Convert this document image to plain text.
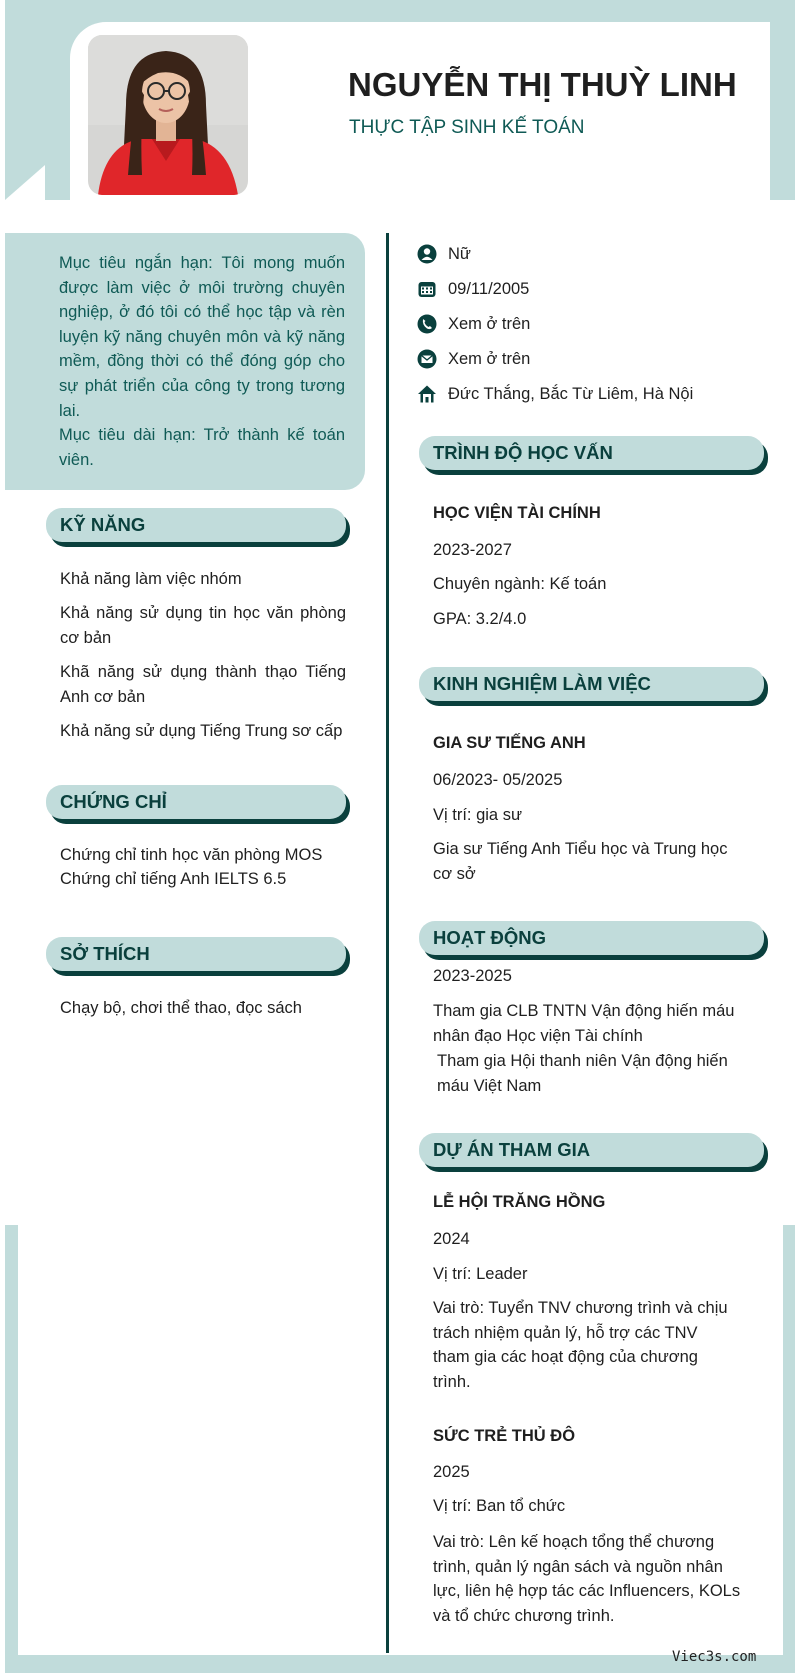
NGUYỄN THỊ THUỲ LINH
THỰC TẬP SINH KẾ TOÁN

Mục tiêu ngắn hạn: Tôi mong muốn được làm việc ở môi trường chuyên nghiệp, ở đó tôi có thể học tập và rèn luyện kỹ năng chuyên môn và kỹ năng mềm, đồng thời có thể đóng góp cho sự phát triển của công ty trong tương lai.

Mục tiêu dài hạn: Trở thành kế toán viên.

Nữ
09/11/2005
Xem ở trên
Xem ở trên
Đức Thắng, Bắc Từ Liêm, Hà Nội
KỸ NĂNG
Khả năng làm việc nhóm
Khả năng sử dụng tin học văn phòng cơ bản
Khã năng sử dụng thành thạo Tiếng Anh cơ bản
Khả năng sử dụng Tiếng Trung sơ cấp
CHỨNG CHỈ
Chứng chỉ tinh học văn phòng MOS
Chứng chỉ tiếng Anh IELTS 6.5
SỞ THÍCH
Chạy bộ, chơi thể thao, đọc sách
TRÌNH ĐỘ HỌC VẤN
HỌC VIỆN TÀI CHÍNH
2023-2027
Chuyên ngành: Kế toán
GPA: 3.2/4.0
KINH NGHIỆM LÀM VIỆC
GIA SƯ TIẾNG ANH
06/2023- 05/2025
Vị trí: gia sư
Gia sư Tiếng Anh Tiểu học và Trung học cơ sở
HOẠT ĐỘNG
2023-2025
Tham gia CLB TNTN Vận động hiến máu nhân đạo Học viện Tài chính
Tham gia Hội thanh niên Vận động hiến máu Việt Nam
DỰ ÁN THAM GIA
LỄ HỘI TRĂNG HỒNG
2024
Vị trí: Leader
Vai trò: Tuyển TNV chương trình và chịu trách nhiệm quản lý, hỗ trợ các TNV tham gia các hoạt động của chương trình.
SỨC TRẺ THỦ ĐÔ
2025
Vị trí: Ban tổ chức
Vai trò: Lên kế hoạch tổng thể chương trình, quản lý ngân sách và nguồn nhân lực, liên hệ hợp tác các Influencers, KOLs và tổ chức chương trình.
Viec3s.com
